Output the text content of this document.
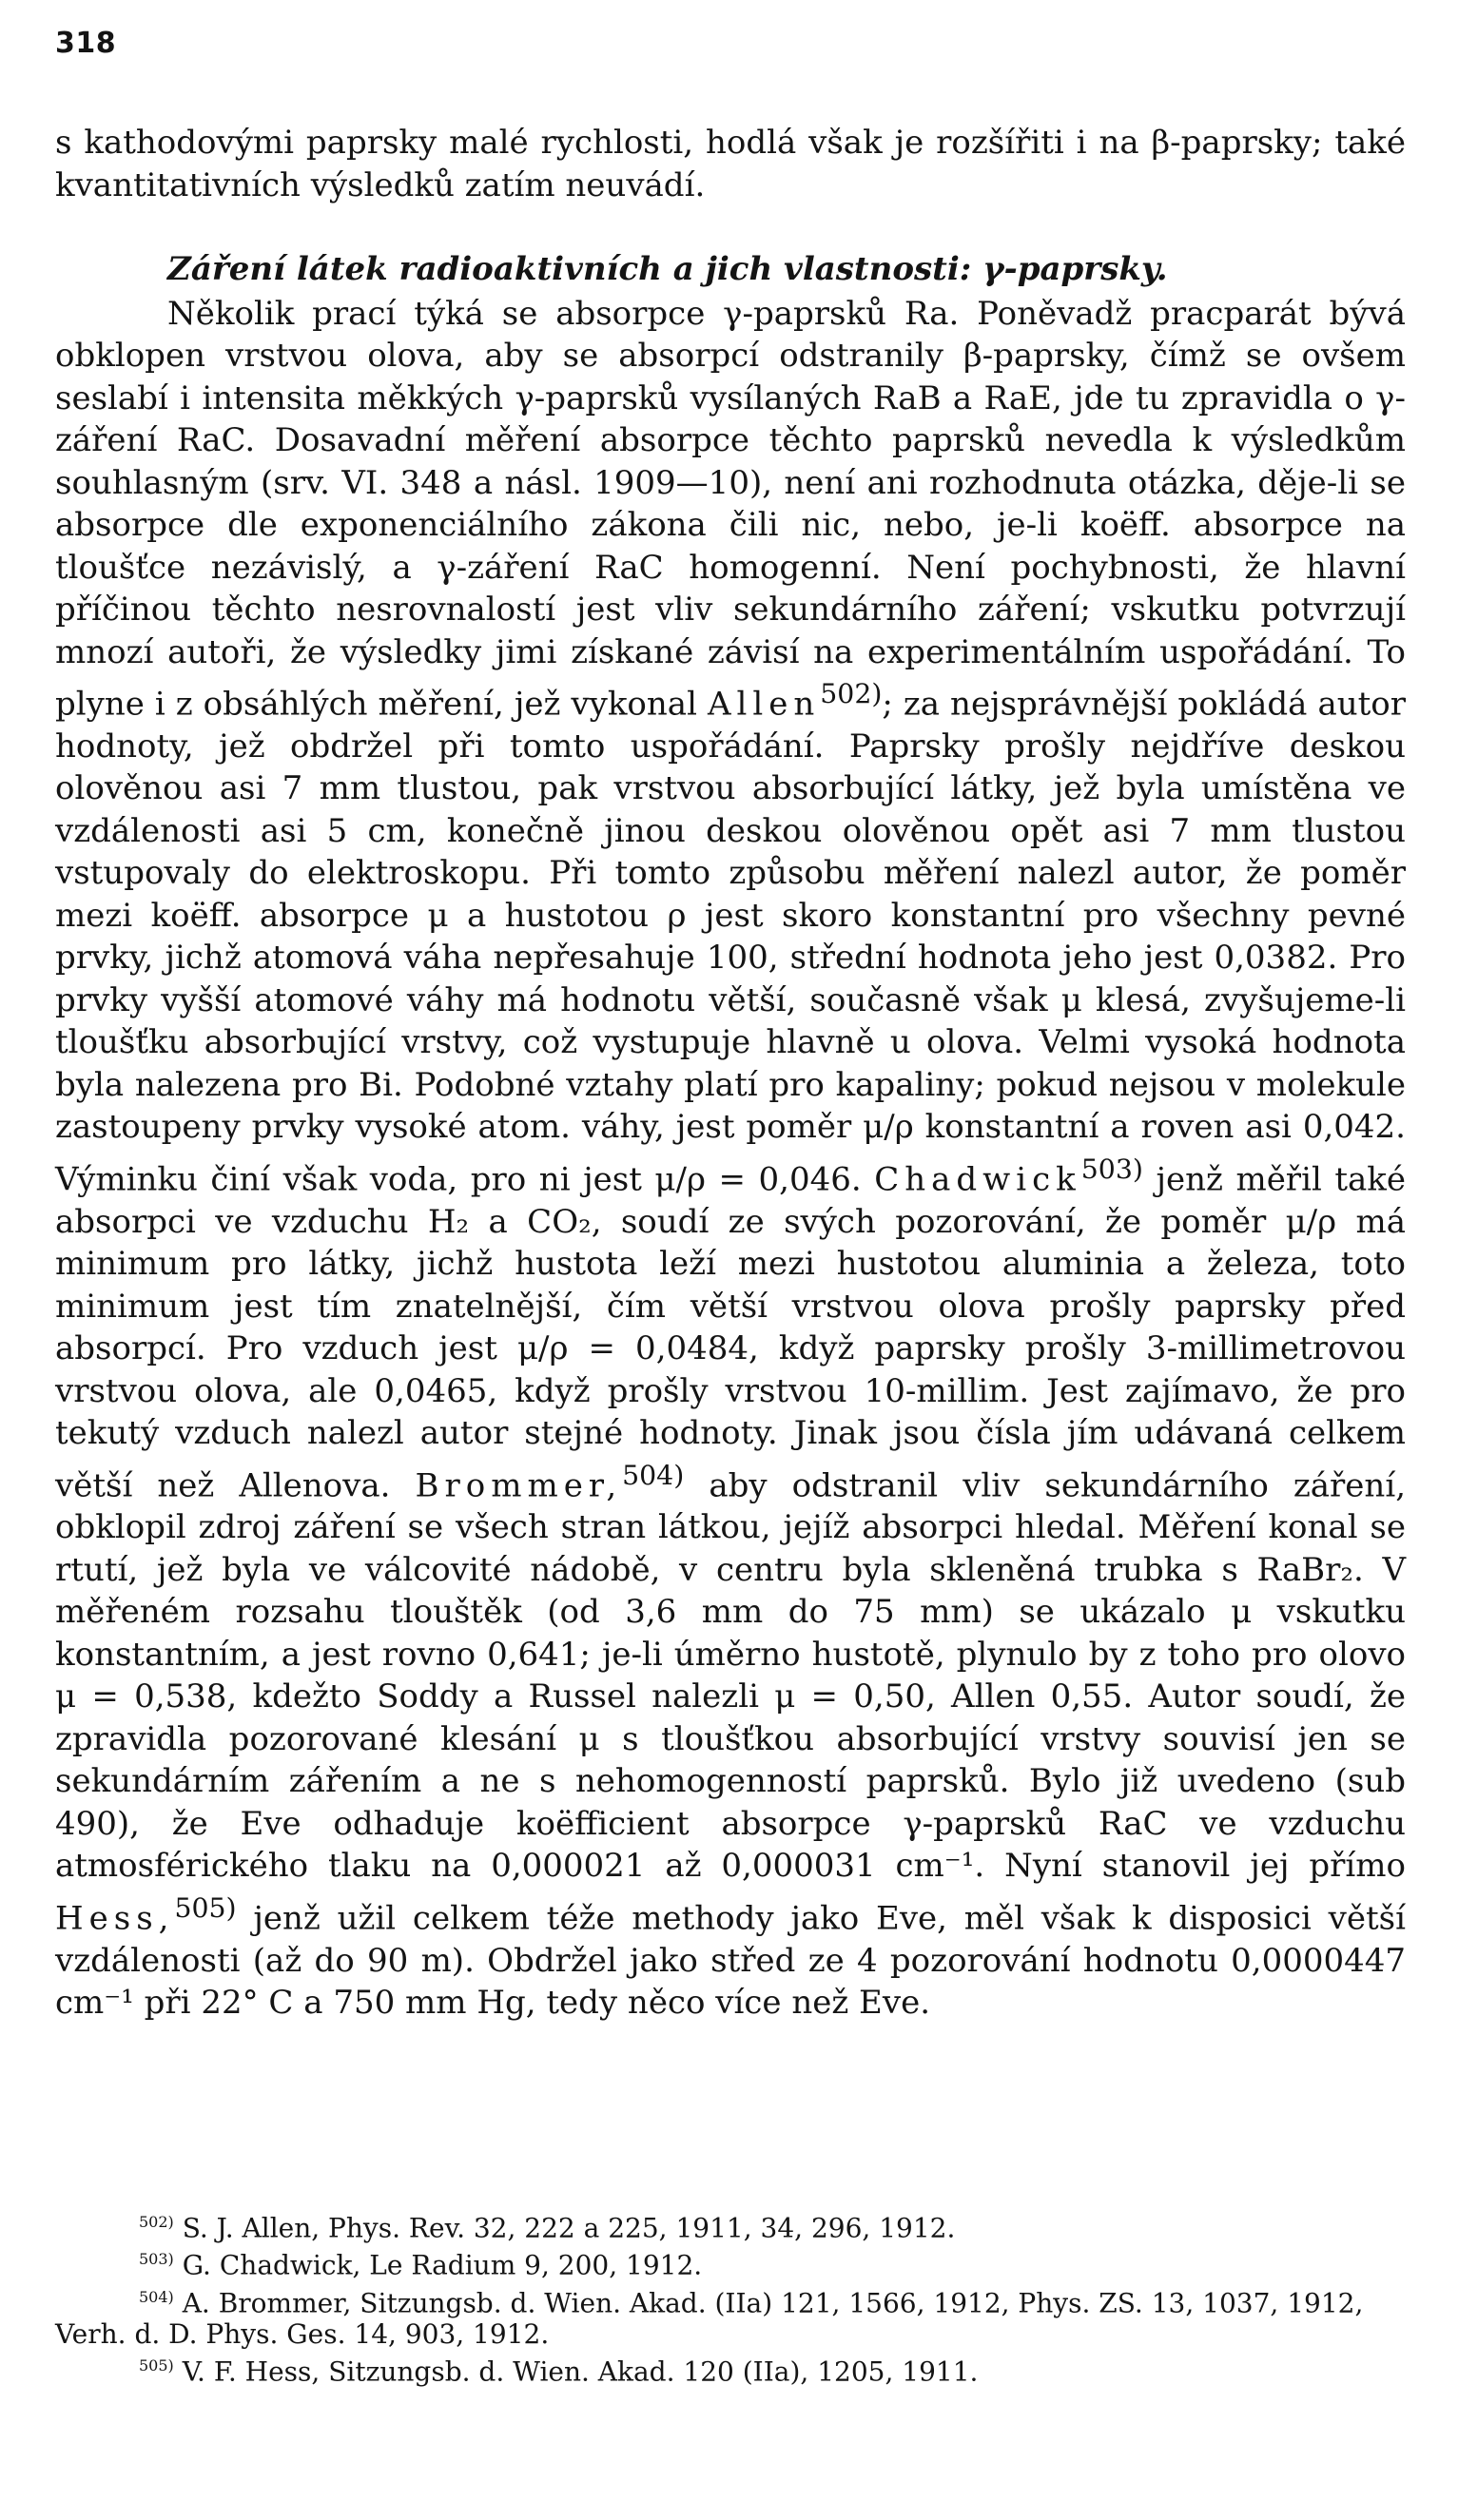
318

s kathodovými paprsky malé rychlosti, hodlá však je rozšířiti i na β-paprsky; také kvantitativních výsledků zatím neuvádí.

Záření látek radioaktivních a jich vlastnosti: γ-paprsky.

Několik prací týká se absorpce γ-paprsků Ra. Poněvadž pracparát bývá obklopen vrstvou olova, aby se absorpcí odstranily β-paprsky, čímž se ovšem seslabí i intensita měkkých γ-paprsků vysílaných RaB a RaE, jde tu zpravidla o γ-záření RaC. Dosavadní měření absorpce těchto paprsků nevedla k výsledkům souhlasným (srv. VI. 348 a násl. 1909—10), není ani rozhodnuta otázka, děje-li se absorpce dle exponenciálního zákona čili nic, nebo, je-li koëff. absorpce na tloušťce nezávislý, a γ-záření RaC homogenní. Není pochybnosti, že hlavní příčinou těchto nesrovnalostí jest vliv sekundárního záření; vskutku potvrzují mnozí autoři, že výsledky jimi získané závisí na experimentálním uspořádání. To plyne i z obsáhlých měření, jež vykonal Allen$^{502)}$; za nejsprávnější pokládá autor hodnoty, jež obdržel při tomto uspořádání. Paprsky prošly nejdříve deskou olověnou asi 7 mm tlustou, pak vrstvou absorbující látky, jež byla umístěna ve vzdálenosti asi 5 cm, konečně jinou deskou olověnou opět asi 7 mm tlustou vstupovaly do elektroskopu. Při tomto způsobu měření nalezl autor, že poměr mezi koëff. absorpce μ a hustotou ρ jest skoro konstantní pro všechny pevné prvky, jichž atomová váha nepřesahuje 100, střední hodnota jeho jest 0,0382. Pro prvky vyšší atomové váhy má hodnotu větší, současně však μ klesá, zvyšujeme-li tloušťku absorbující vrstvy, což vystupuje hlavně u olova. Velmi vysoká hodnota byla nalezena pro Bi. Podobné vztahy platí pro kapaliny; pokud nejsou v molekule zastoupeny prvky vysoké atom. váhy, jest poměr μ/ρ konstantní a roven asi 0,042. Výminku činí však voda, pro ni jest μ/ρ = 0,046. Chadwick$^{503)}$ jenž měřil také absorpci ve vzduchu H₂ a CO₂, soudí ze svých pozorování, že poměr μ/ρ má minimum pro látky, jichž hustota leží mezi hustotou aluminia a železa, toto minimum jest tím znatelnější, čím větší vrstvou olova prošly paprsky před absorpcí. Pro vzduch jest μ/ρ = 0,0484, když paprsky prošly 3-millimetrovou vrstvou olova, ale 0,0465, když prošly vrstvou 10-millim. Jest zajímavo, že pro tekutý vzduch nalezl autor stejné hodnoty. Jinak jsou čísla jím udávaná celkem větší než Allenova. Brommer,$^{504)}$ aby odstranil vliv sekundárního záření, obklopil zdroj záření se všech stran látkou, jejíž absorpci hledal. Měření konal se rtutí, jež byla ve válcovité nádobě, v centru byla skleněná trubka s RaBr₂. V měřeném rozsahu tlouštěk (od 3,6 mm do 75 mm) se ukázalo μ vskutku konstantním, a jest rovno 0,641; je-li úměrno hustotě, plynulo by z toho pro olovo μ = 0,538, kdežto Soddy a Russel nalezli μ = 0,50, Allen 0,55. Autor soudí, že zpravidla pozorované klesání μ s tloušťkou absorbující vrstvy souvisí jen se sekundárním zářením a ne s nehomogenností paprsků. Bylo již uvedeno (sub 490), že Eve odhaduje koëfficient absorpce γ-paprsků RaC ve vzduchu atmosférického tlaku na 0,000021 až 0,000031 cm⁻¹. Nyní stanovil jej přímo Hess,$^{505)}$ jenž užil celkem téže methody jako Eve, měl však k disposici větší vzdálenosti (až do 90 m). Obdržel jako střed ze 4 pozorování hodnotu 0,0000447 cm⁻¹ při 22° C a 750 mm Hg, tedy něco více než Eve.

$^{502)}$ S. J. Allen, Phys. Rev. 32, 222 a 225, 1911, 34, 296, 1912.

$^{503)}$ G. Chadwick, Le Radium 9, 200, 1912.

$^{504)}$ A. Brommer, Sitzungsb. d. Wien. Akad. (IIa) 121, 1566, 1912, Phys. ZS. 13, 1037, 1912, Verh. d. D. Phys. Ges. 14, 903, 1912.

$^{505)}$ V. F. Hess, Sitzungsb. d. Wien. Akad. 120 (IIa), 1205, 1911.
